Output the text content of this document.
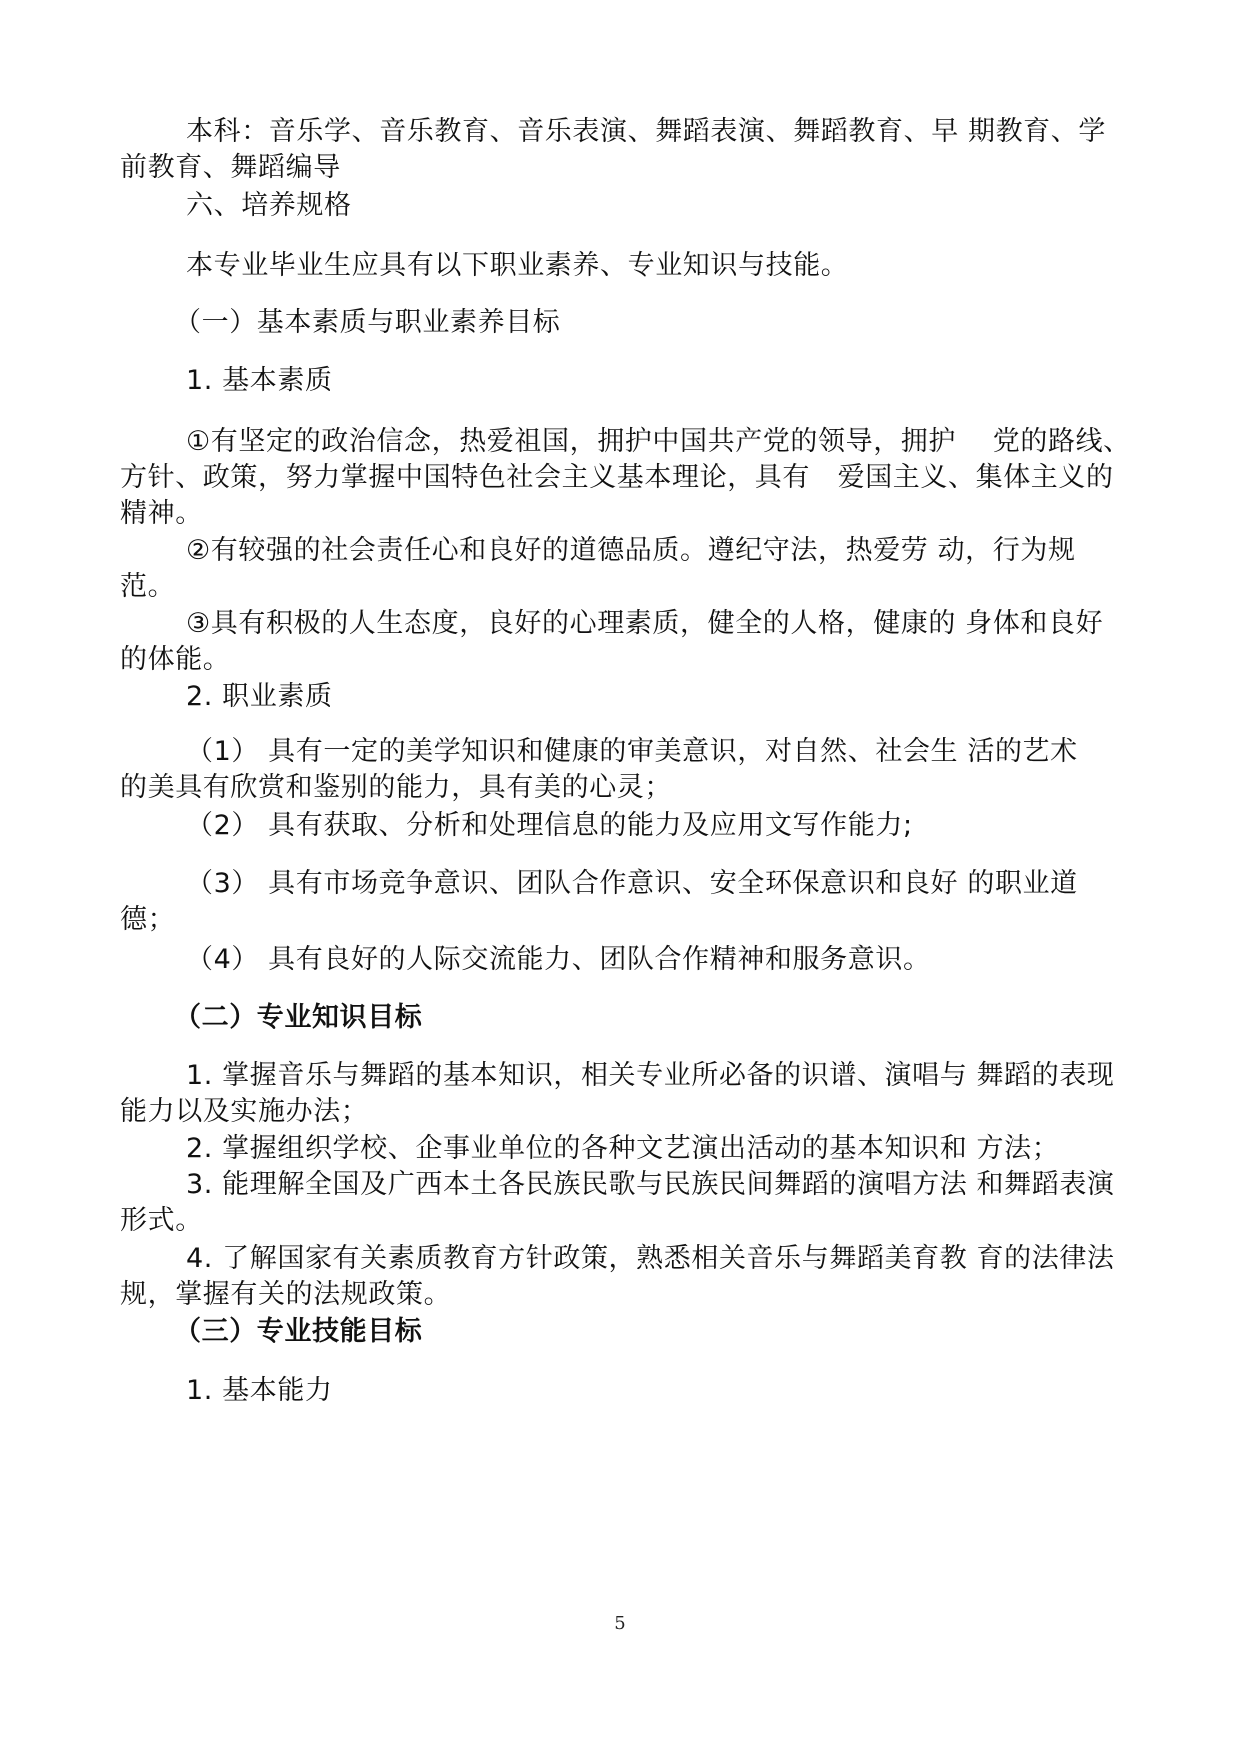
本科：音乐学、音乐教育、音乐表演、舞蹈表演、舞蹈教育、早 期教育、学
前教育、舞蹈编导
六、培养规格
本专业毕业生应具有以下职业素养、专业知识与技能。
（一）基本素质与职业素养目标
1. 基本素质
①有坚定的政治信念，热爱祖国，拥护中国共产党的领导，拥护　 党的路线、
方针、政策，努力掌握中国特色社会主义基本理论，具有　爱国主义、集体主义的
精神。
②有较强的社会责任心和良好的道德品质。遵纪守法，热爱劳 动，行为规
范。
③具有积极的人生态度，良好的心理素质，健全的人格，健康的 身体和良好
的体能。
2. 职业素质
（1） 具有一定的美学知识和健康的审美意识，对自然、社会生 活的艺术
的美具有欣赏和鉴别的能力，具有美的心灵；
（2） 具有获取、分析和处理信息的能力及应用文写作能力;
（3） 具有市场竞争意识、团队合作意识、安全环保意识和良好 的职业道
德；
（4） 具有良好的人际交流能力、团队合作精神和服务意识。
（二）专业知识目标
1. 掌握音乐与舞蹈的基本知识，相关专业所必备的识谱、演唱与 舞蹈的表现
能力以及实施办法；
2. 掌握组织学校、企事业单位的各种文艺演出活动的基本知识和 方法；
3. 能理解全国及广西本土各民族民歌与民族民间舞蹈的演唱方法 和舞蹈表演
形式。
4. 了解国家有关素质教育方针政策，熟悉相关音乐与舞蹈美育教 育的法律法
规，掌握有关的法规政策。
（三）专业技能目标
1. 基本能力
5
